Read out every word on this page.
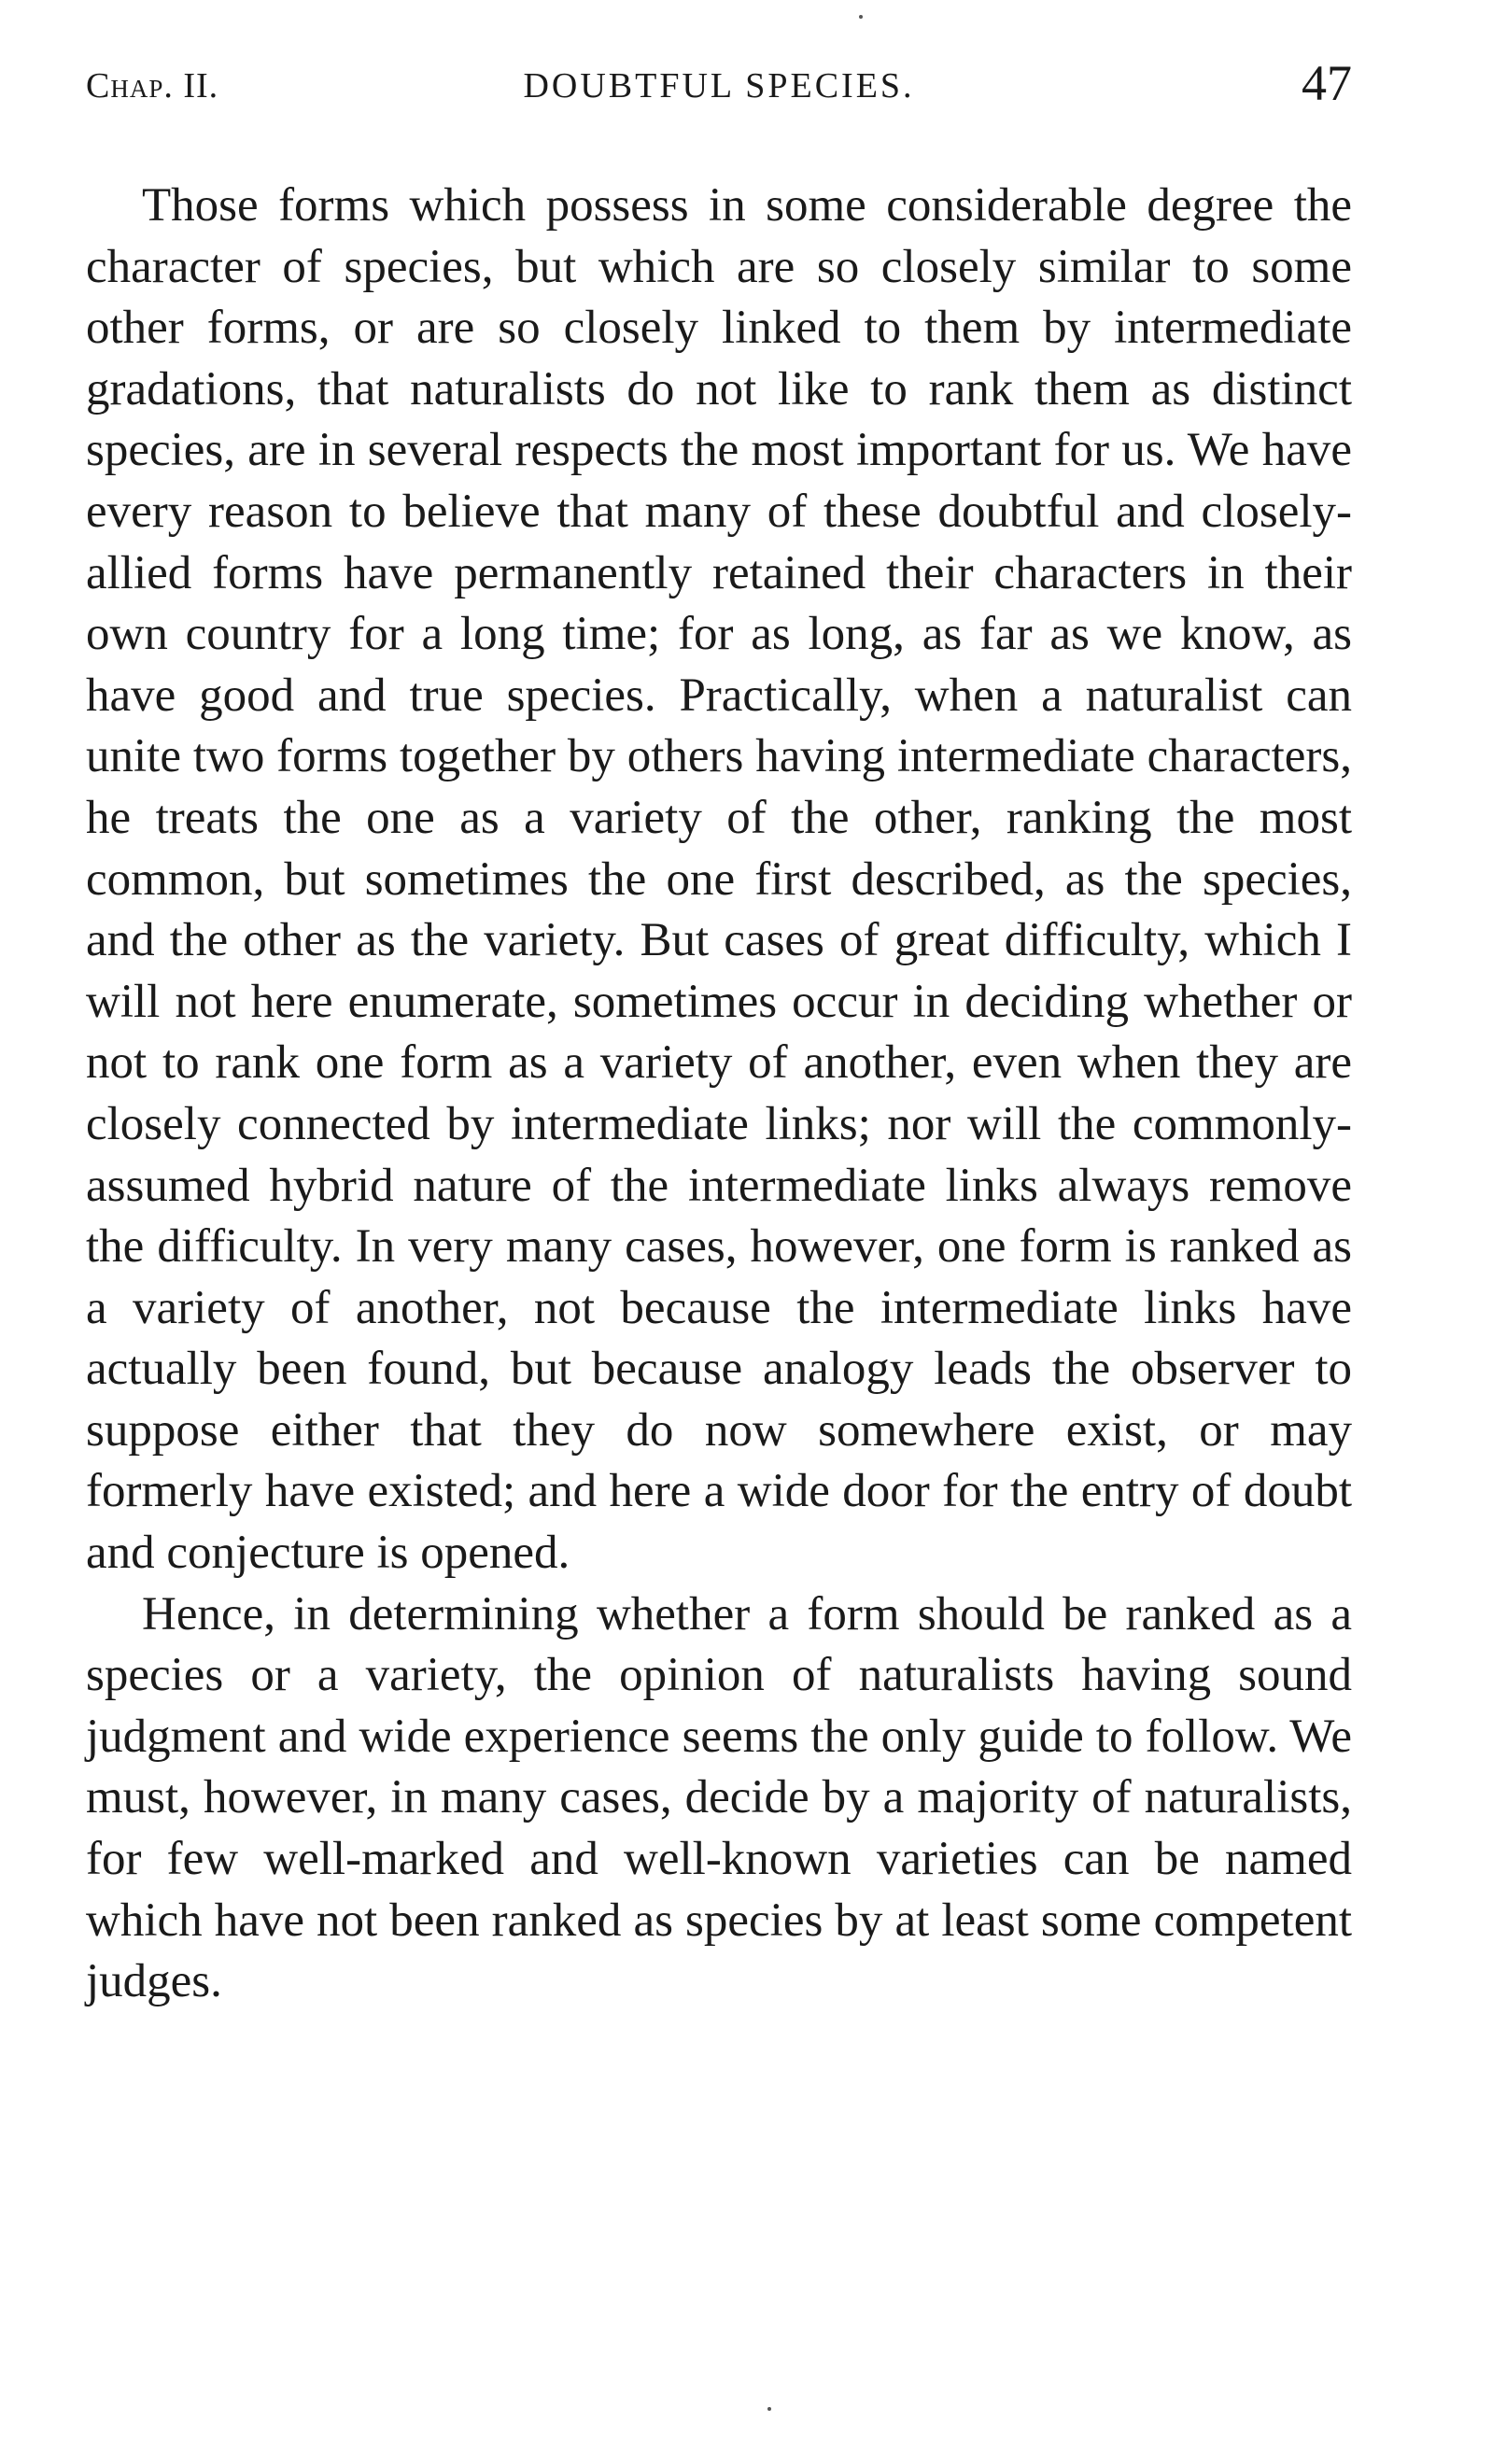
Chap. II.	DOUBTFUL SPECIES.	47

Those forms which possess in some considerable degree the character of species, but which are so closely similar to some other forms, or are so closely linked to them by intermediate gradations, that naturalists do not like to rank them as distinct species, are in several respects the most important for us. We have every reason to believe that many of these doubtful and closely-allied forms have permanently retained their characters in their own country for a long time; for as long, as far as we know, as have good and true species. Practically, when a naturalist can unite two forms together by others having intermediate characters, he treats the one as a variety of the other, ranking the most common, but sometimes the one first described, as the species, and the other as the variety. But cases of great difficulty, which I will not here enumerate, sometimes occur in deciding whether or not to rank one form as a variety of another, even when they are closely connected by intermediate links; nor will the commonly-assumed hybrid nature of the intermediate links always remove the difficulty. In very many cases, however, one form is ranked as a variety of another, not because the intermediate links have actually been found, but because analogy leads the observer to suppose either that they do now somewhere exist, or may formerly have existed; and here a wide door for the entry of doubt and conjecture is opened.

Hence, in determining whether a form should be ranked as a species or a variety, the opinion of naturalists having sound judgment and wide experience seems the only guide to follow. We must, however, in many cases, decide by a majority of naturalists, for few well-marked and well-known varieties can be named which have not been ranked as species by at least some competent judges.
